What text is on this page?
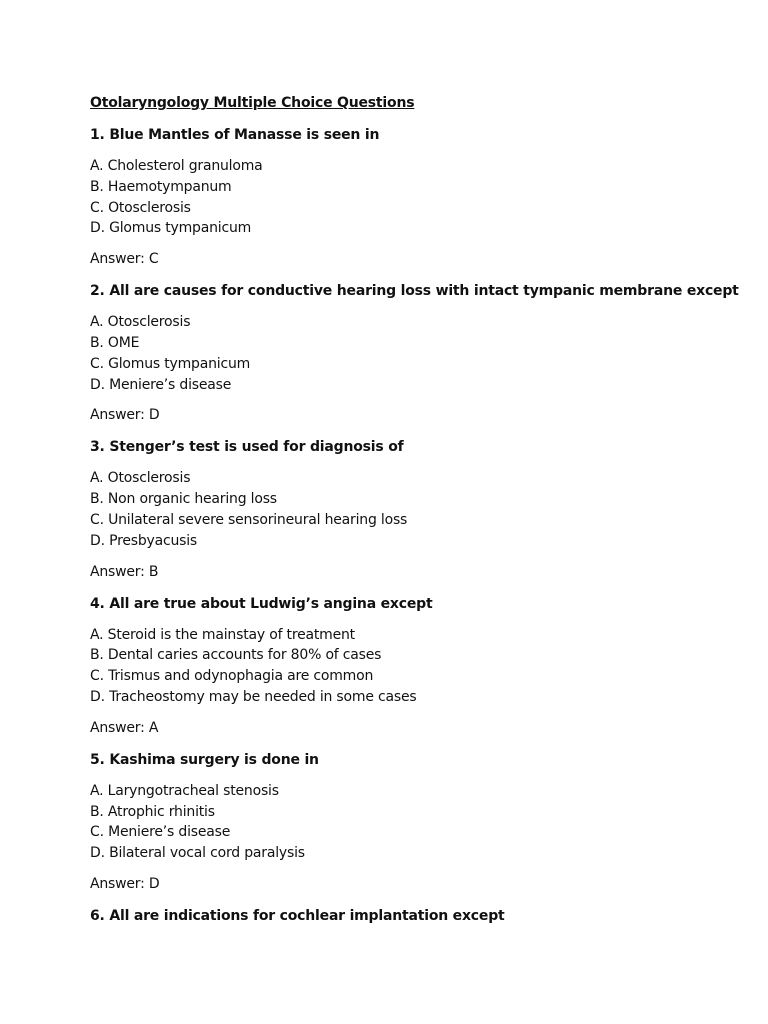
Otolaryngology Multiple Choice Questions

1. Blue Mantles of Manasse is seen in

A. Cholesterol granuloma
B. Haemotympanum
C. Otosclerosis
D. Glomus tympanicum

Answer: C

2. All are causes for conductive hearing loss with intact tympanic membrane except

A. Otosclerosis
B. OME
C. Glomus tympanicum
D. Meniere’s disease

Answer: D

3. Stenger’s test is used for diagnosis of

A. Otosclerosis
B. Non organic hearing loss
C. Unilateral severe sensorineural hearing loss
D. Presbyacusis

Answer: B

4. All are true about Ludwig’s angina except

A. Steroid is the mainstay of treatment
B. Dental caries accounts for 80% of cases
C. Trismus and odynophagia are common
D. Tracheostomy may be needed in some cases

Answer: A

5. Kashima surgery is done in

A. Laryngotracheal stenosis
B. Atrophic rhinitis
C. Meniere’s disease
D. Bilateral vocal cord paralysis

Answer: D

6. All are indications for cochlear implantation except
